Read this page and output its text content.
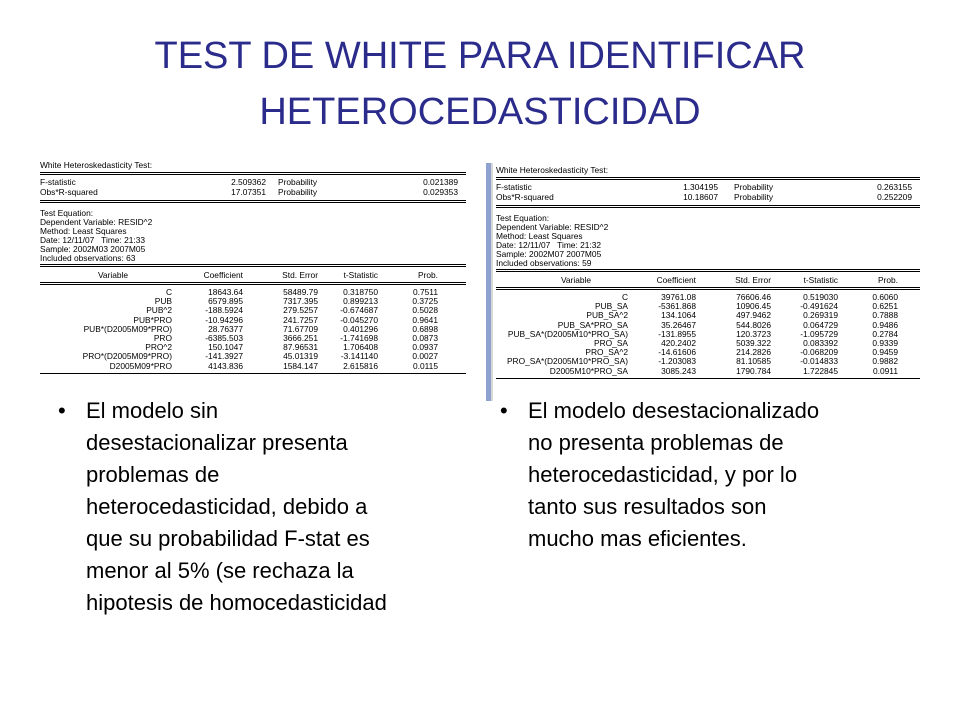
TEST DE WHITE PARA IDENTIFICAR
HETEROCEDASTICIDAD
White Heteroskedasticity Test:
F-statistic	2.509362 Probability	0.021389
Obs*R-squared	17.07351 Probability	0.029353
Test Equation:
Dependent Variable: RESID^2
Method: Least Squares
Date: 12/11/07   Time: 21:33
Sample: 2002M03 2007M05
Included observations: 63
Variable	Coefficient	Std. Error	t-Statistic	Prob.
C	18643.64	58489.79	0.318750	0.7511
PUB	6579.895	7317.395	0.899213	0.3725
PUB^2	-188.5924	279.5257	-0.674687	0.5028
PUB*PRO	-10.94296	241.7257	-0.045270	0.9641
PUB*(D2005M09*PRO)	28.76377	71.67709	0.401296	0.6898
PRO	-6385.503	3666.251	-1.741698	0.0873
PRO^2	150.1047	87.96531	1.706408	0.0937
PRO*(D2005M09*PRO)	-141.3927	45.01319	-3.141140	0.0027
D2005M09*PRO	4143.836	1584.147	2.615816	0.0115
White Heteroskedasticity Test:
F-statistic	1.304195 Probability	0.263155
Obs*R-squared	10.18607 Probability	0.252209
Test Equation:
Dependent Variable: RESID^2
Method: Least Squares
Date: 12/11/07   Time: 21:32
Sample: 2002M07 2007M05
Included observations: 59
Variable	Coefficient	Std. Error	t-Statistic	Prob.
C	39761.08	76606.46	0.519030	0.6060
PUB_SA	-5361.868	10906.45	-0.491624	0.6251
PUB_SA^2	134.1064	497.9462	0.269319	0.7888
PUB_SA*PRO_SA	35.26467	544.8026	0.064729	0.9486
PUB_SA*(D2005M10*PRO_SA)	-131.8955	120.3723	-1.095729	0.2784
PRO_SA	420.2402	5039.322	0.083392	0.9339
PRO_SA^2	-14.61606	214.2826	-0.068209	0.9459
PRO_SA*(D2005M10*PRO_SA)	-1.203083	81.10585	-0.014833	0.9882
D2005M10*PRO_SA	3085.243	1790.784	1.722845	0.0911
• El modelo sin
desestacionalizar presenta
problemas de
heterocedasticidad, debido a
que su probabilidad F-stat es
menor al 5% (se rechaza la
hipotesis de homocedasticidad
• El modelo desestacionalizado
no presenta problemas de
heterocedasticidad, y por lo
tanto sus resultados son
mucho mas eficientes.
